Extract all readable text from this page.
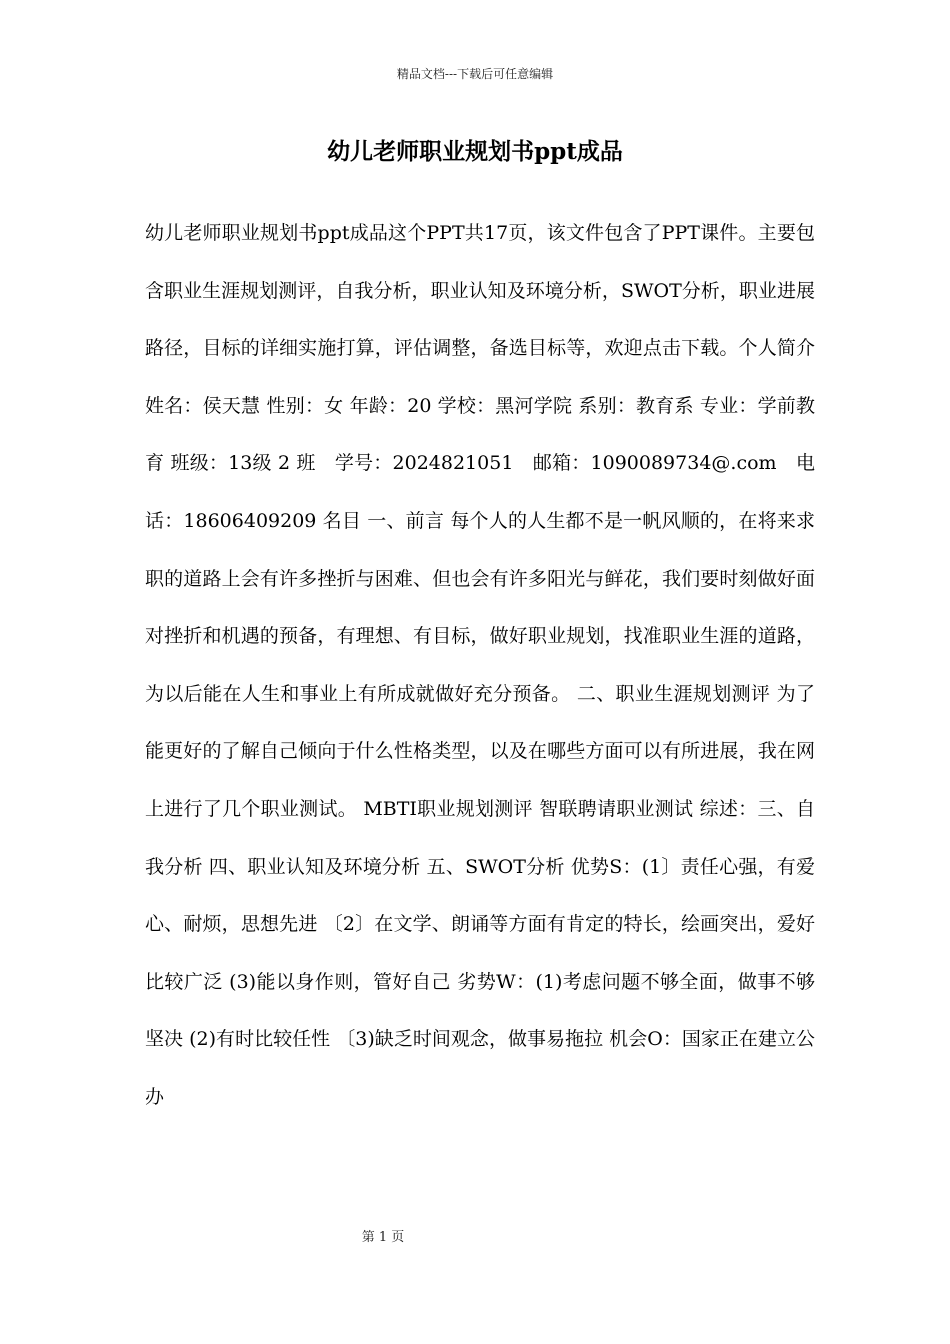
精品文档---下载后可任意编辑
幼儿老师职业规划书ppt成品

幼儿老师职业规划书ppt成品这个PPT共17页，该文件包含了PPT课件。主要包含职业生涯规划测评，自我分析，职业认知及环境分析，SWOT分析，职业进展路径，目标的详细实施打算，评估调整，备选目标等，欢迎点击下载。个人简介 姓名：侯天慧 性别：女 年龄：20 学校：黑河学院 系别：教育系 专业：学前教育 班级：13级 2 班　学号：2024821051　邮箱：1090089734@.com　电话：18606409209 名目 一、前言 每个人的人生都不是一帆风顺的，在将来求职的道路上会有许多挫折与困难、但也会有许多阳光与鲜花，我们要时刻做好面对挫折和机遇的预备，有理想、有目标，做好职业规划，找准职业生涯的道路，为以后能在人生和事业上有所成就做好充分预备。 二、职业生涯规划测评 为了能更好的了解自己倾向于什么性格类型，以及在哪些方面可以有所进展，我在网上进行了几个职业测试。 MBTI职业规划测评 智联聘请职业测试 综述：三、自我分析 四、职业认知及环境分析 五、SWOT分析 优势S：(1〕责任心强，有爱心、耐烦，思想先进 〔2〕在文学、朗诵等方面有肯定的特长，绘画突出，爱好比较广泛 (3)能以身作则，管好自己 劣势W：(1)考虑问题不够全面，做事不够坚决 (2)有时比较任性 〔3)缺乏时间观念，做事易拖拉 机会O：国家正在建立公办

第 1 页
